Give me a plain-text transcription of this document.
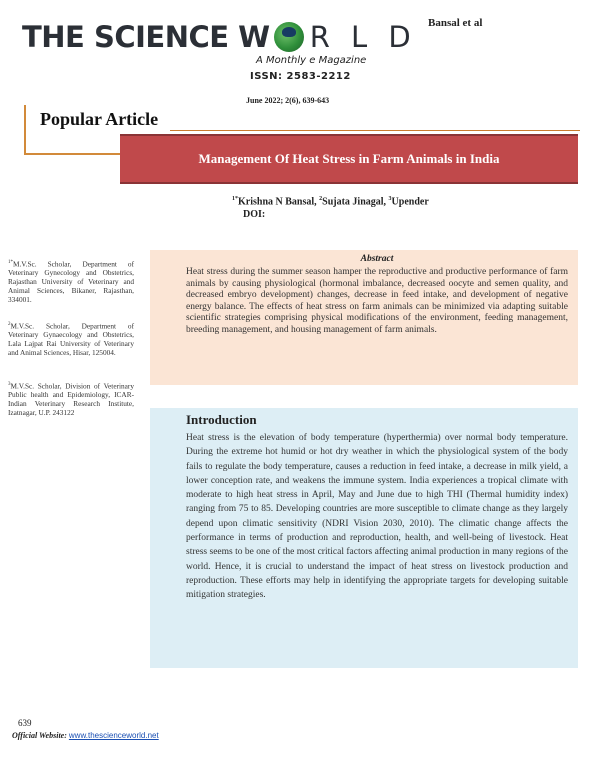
THE SCIENCE W R L D
A Monthly e Magazine
ISSN: 2583-2212
Bansal et al
June 2022; 2(6), 639-643
Popular Article
Management Of Heat Stress in Farm Animals in India
$^{1*}$Krishna N Bansal, $^2$Sujata Jinagal, $^3$Upender
DOI:
$^{1*}$M.V.Sc. Scholar, Department of Veterinary Gynecology and Obstetrics, Rajasthan University of Veterinary and Animal Sciences, Bikaner, Rajasthan, 334001.
$^2$M.V.Sc. Scholar, Department of Veterinary Gynaecology and Obstetrics, Lala Lajpat Rai University of Veterinary and Animal Sciences, Hisar, 125004.
$^3$M.V.Sc. Scholar, Division of Veterinary Public health and Epidemiology, ICAR- Indian Veterinary Research Institute, Izatnagar, U.P. 243122
Abstract

Heat stress during the summer season hamper the reproductive and productive performance of farm animals by causing physiological (hormonal imbalance, decreased oocyte and semen quality, and decreased embryo development) changes, decrease in feed intake, and development of negative energy balance. The effects of heat stress on farm animals can be minimized via adapting suitable scientific strategies comprising physical modifications of the environment, feeding management, breeding management, and housing management of farm animals.

Introduction

Heat stress is the elevation of body temperature (hyperthermia) over normal body temperature. During the extreme hot humid or hot dry weather in which the physiological system of the body fails to regulate the body temperature, causes a reduction in feed intake, a decrease in milk yield, a lower conception rate, and weakens the immune system. India experiences a tropical climate with moderate to high heat stress in April, May and June due to high THI (Thermal humidity index) ranging from 75 to 85. Developing countries are more susceptible to climate change as they largely depend upon climatic sensitivity (NDRI Vision 2030, 2010). The climatic change affects the performance in terms of production and reproduction, health, and well-being of livestock. Heat stress seems to be one of the most critical factors affecting animal production in many regions of the world. Hence, it is crucial to understand the impact of heat stress on livestock production and reproduction. These efforts may help in identifying the appropriate targets for developing suitable mitigation strategies.

639
Official Website: www.thescienceworld.net
